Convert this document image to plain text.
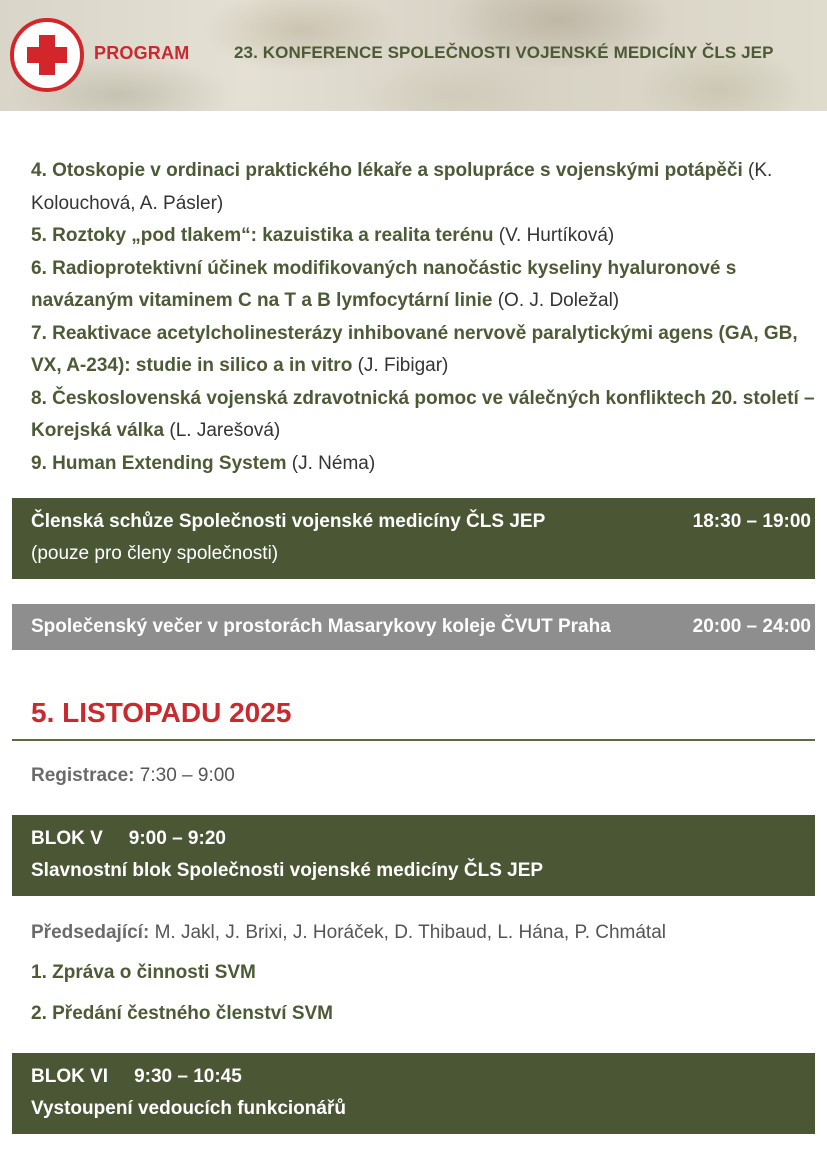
PROGRAM	23. KONFERENCE SPOLEČNOSTI VOJENSKÉ MEDICÍNY ČLS JEP
4. Otoskopie v ordinaci praktického lékaře a spolupráce s vojenskými potápěči (K. Kolouchová, A. Pásler)
5. Roztoky „pod tlakem“: kazuistika a realita terénu (V. Hurtíková)
6. Radioprotektivní účinek modifikovaných nanočástic kyseliny hyaluronové s navázaným vitaminem C na T a B lymfocytární linie (O. J. Doležal)
7. Reaktivace acetylcholinesterázy inhibované nervově paralytickými agens (GA, GB, VX, A-234): studie in silico a in vitro (J. Fibigar)
8. Československá vojenská zdravotnická pomoc ve válečných konfliktech 20. století – Korejská válka (L. Jarešová)
9. Human Extending System (J. Néma)
Členská schůze Společnosti vojenské medicíny ČLS JEP	18:30 – 19:00
(pouze pro členy společnosti)
Společenský večer v prostorách Masarykovy koleje ČVUT Praha	20:00 – 24:00
5. LISTOPADU 2025
Registrace: 7:30 – 9:00
BLOK V 9:00 – 9:20
Slavnostní blok Společnosti vojenské medicíny ČLS JEP
Předsedající: M. Jakl, J. Brixi, J. Horáček, D. Thibaud, L. Hána, P. Chmátal
1. Zpráva o činnosti SVM
2. Předání čestného členství SVM
BLOK VI 9:30 – 10:45
Vystoupení vedoucích funkcionářů
